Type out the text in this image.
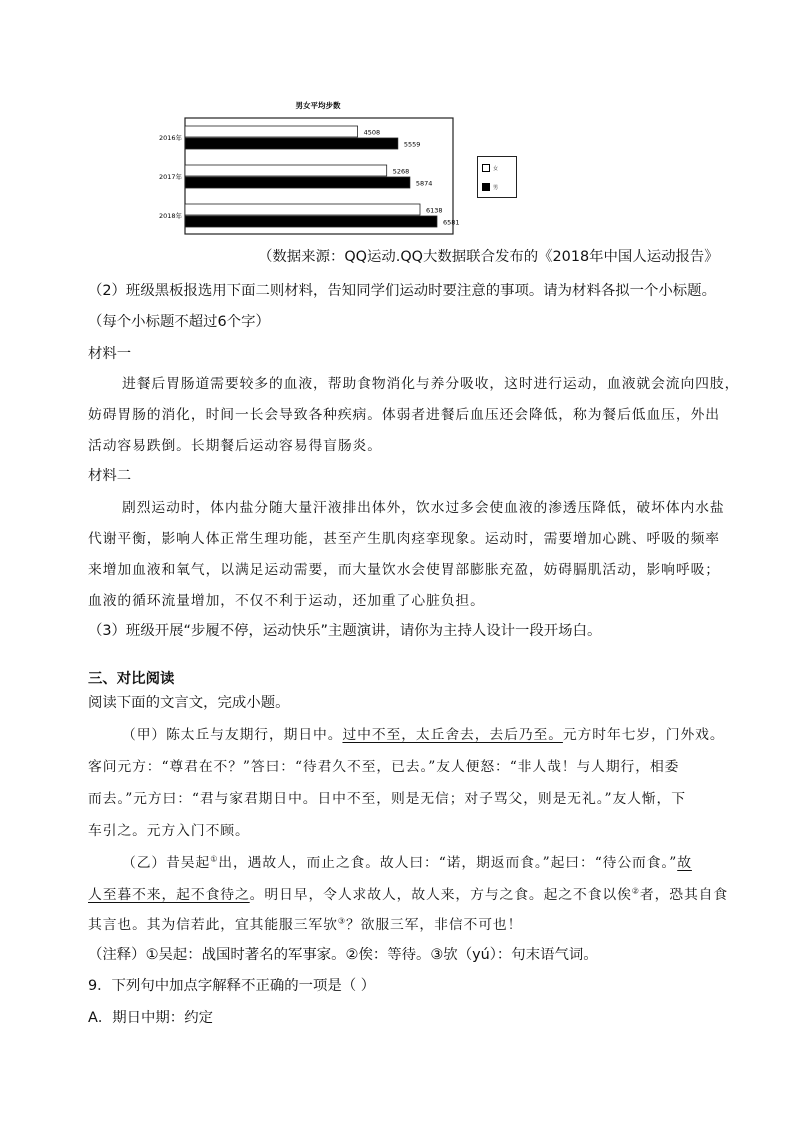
男女平均步数
2016年
4508
5559
2017年
5268
5874
2018年
6138
6581
女
男
（数据来源：QQ运动.QQ大数据联合发布的《2018年中国人运动报告》
（2）班级黑板报选用下面二则材料，告知同学们运动时要注意的事项。请为材料各拟一个小标题。
（每个小标题不超过6个字）
材料一
进餐后胃肠道需要较多的血液，帮助食物消化与养分吸收，这时进行运动，血液就会流向四肢，
妨碍胃肠的消化，时间一长会导致各种疾病。体弱者进餐后血压还会降低，称为餐后低血压，外出
活动容易跌倒。长期餐后运动容易得盲肠炎。
材料二
剧烈运动时，体内盐分随大量汗液排出体外，饮水过多会使血液的渗透压降低，破坏体内水盐
代谢平衡，影响人体正常生理功能，甚至产生肌肉痉挛现象。运动时，需要增加心跳、呼吸的频率
来增加血液和氧气，以满足运动需要，而大量饮水会使胃部膨胀充盈，妨碍膈肌活动，影响呼吸；
血液的循环流量增加，不仅不利于运动，还加重了心脏负担。
（3）班级开展“步履不停，运动快乐”主题演讲，请你为主持人设计一段开场白。
三、对比阅读
阅读下面的文言文，完成小题。
（甲）陈太丘与友期行，期日中。过中不至，太丘舍去，去后乃至。元方时年七岁，门外戏。
客问元方：“尊君在不？”答曰：“待君久不至，已去。”友人便怒：“非人哉！与人期行，相委
而去。”元方曰：“君与家君期日中。日中不至，则是无信；对子骂父，则是无礼。”友人惭，下
车引之。元方入门不顾。
（乙）昔吴起①出，遇故人，而止之食。故人曰：“诺，期返而食。”起曰：“待公而食。”故
人至暮不来，起不食待之。明日早，令人求故人，故人来，方与之食。起之不食以俟②者，恐其自食
其言也。其为信若此，宜其能服三军欤③？欲服三军，非信不可也！
（注释）①吴起：战国时著名的军事家。②俟：等待。③欤（yú）：句末语气词。
9．下列句中加点字解释不正确的一项是（ ）
A．期日中期：约定
